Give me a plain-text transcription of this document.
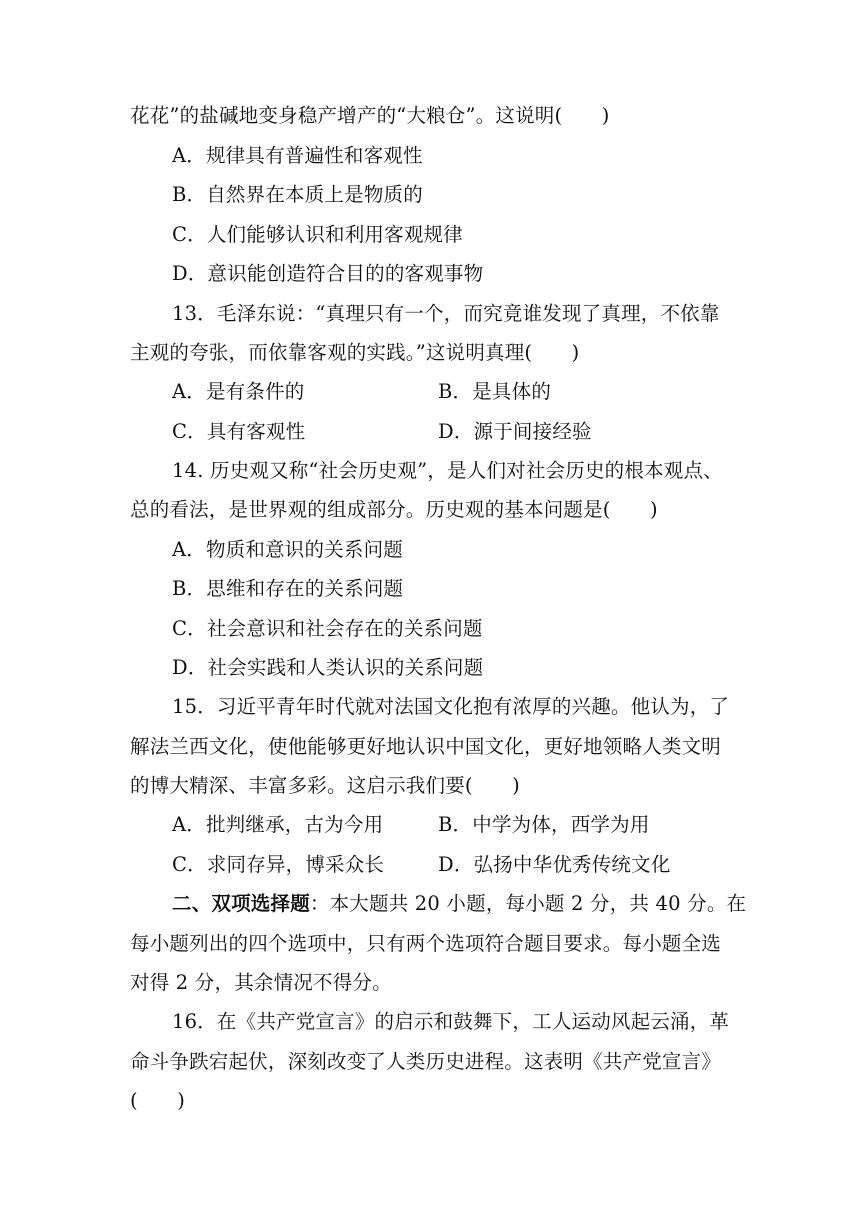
花花”的盐碱地变身稳产增产的“大粮仓”。这说明(　　)
A．规律具有普遍性和客观性
B．自然界在本质上是物质的
C．人们能够认识和利用客观规律
D．意识能创造符合目的的客观事物
13．毛泽东说：“真理只有一个，而究竟谁发现了真理，不依靠
主观的夸张，而依靠客观的实践。”这说明真理(　　)
A．是有条件的	B．是具体的
C．具有客观性	D．源于间接经验
14. 历史观又称“社会历史观”，是人们对社会历史的根本观点、
总的看法，是世界观的组成部分。历史观的基本问题是(　　)
A．物质和意识的关系问题
B．思维和存在的关系问题
C．社会意识和社会存在的关系问题
D．社会实践和人类认识的关系问题
15．习近平青年时代就对法国文化抱有浓厚的兴趣。他认为，了
解法兰西文化，使他能够更好地认识中国文化，更好地领略人类文明
的博大精深、丰富多彩。这启示我们要(　　)
A．批判继承，古为今用	B．中学为体，西学为用
C．求同存异，博采众长	D．弘扬中华优秀传统文化
二、双项选择题：本大题共 20 小题，每小题 2 分，共 40 分。在
每小题列出的四个选项中，只有两个选项符合题目要求。每小题全选
对得 2 分，其余情况不得分。
16．在《共产党宣言》的启示和鼓舞下，工人运动风起云涌，革
命斗争跌宕起伏，深刻改变了人类历史进程。这表明《共产党宣言》
(　　)
